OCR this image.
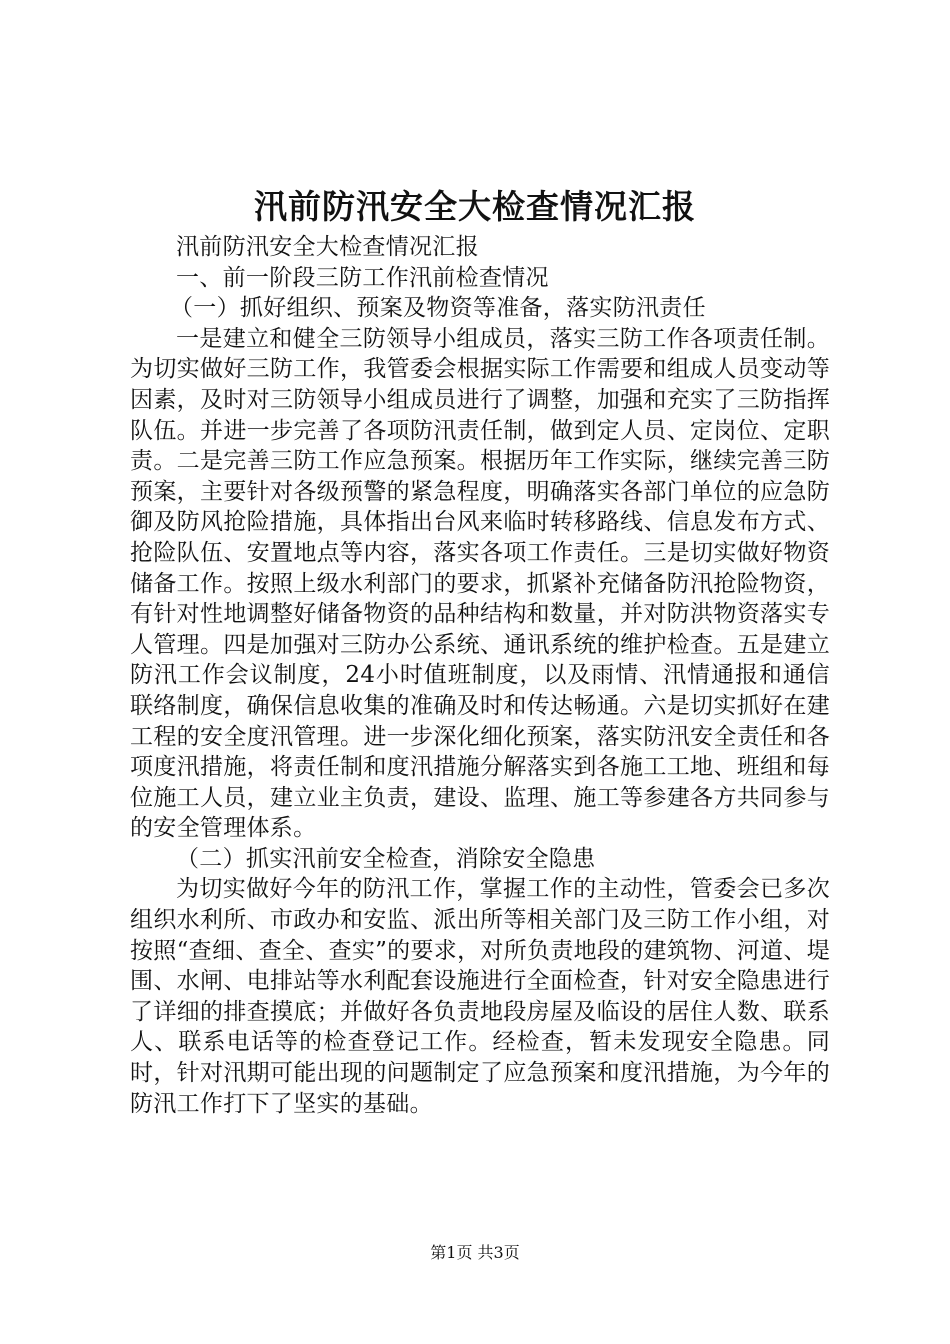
汛前防汛安全大检查情况汇报

汛前防汛安全大检查情况汇报

一、前一阶段三防工作汛前检查情况

（一）抓好组织、预案及物资等准备，落实防汛责任

一是建立和健全三防领导小组成员，落实三防工作各项责任制。为切实做好三防工作，我管委会根据实际工作需要和组成人员变动等因素，及时对三防领导小组成员进行了调整，加强和充实了三防指挥队伍。并进一步完善了各项防汛责任制，做到定人员、定岗位、定职责。二是完善三防工作应急预案。根据历年工作实际，继续完善三防预案，主要针对各级预警的紧急程度，明确落实各部门单位的应急防御及防风抢险措施，具体指出台风来临时转移路线、信息发布方式、抢险队伍、安置地点等内容，落实各项工作责任。三是切实做好物资储备工作。按照上级水利部门的要求，抓紧补充储备防汛抢险物资，有针对性地调整好储备物资的品种结构和数量，并对防洪物资落实专人管理。四是加强对三防办公系统、通讯系统的维护检查。五是建立防汛工作会议制度，24小时值班制度，以及雨情、汛情通报和通信联络制度，确保信息收集的准确及时和传达畅通。六是切实抓好在建工程的安全度汛管理。进一步深化细化预案，落实防汛安全责任和各项度汛措施，将责任制和度汛措施分解落实到各施工工地、班组和每位施工人员，建立业主负责，建设、监理、施工等参建各方共同参与的安全管理体系。

（二）抓实汛前安全检查，消除安全隐患

为切实做好今年的防汛工作，掌握工作的主动性，管委会已多次组织水利所、市政办和安监、派出所等相关部门及三防工作小组，对按照“查细、查全、查实”的要求，对所负责地段的建筑物、河道、堤围、水闸、电排站等水利配套设施进行全面检查，针对安全隐患进行了详细的排查摸底；并做好各负责地段房屋及临设的居住人数、联系人、联系电话等的检查登记工作。经检查，暂未发现安全隐患。同时，针对汛期可能出现的问题制定了应急预案和度汛措施，为今年的防汛工作打下了坚实的基础。

第1页 共3页
